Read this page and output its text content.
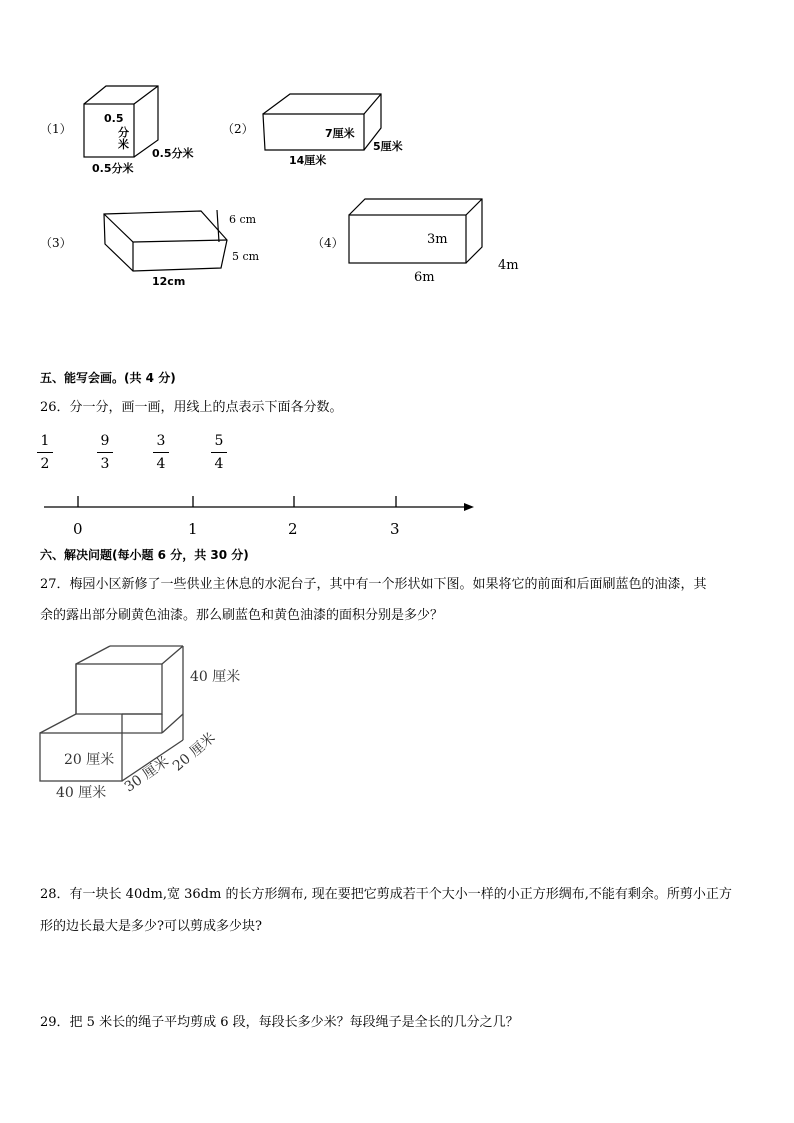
（1）	（2）
（3）	（4）
0.5
分
米
0.5分米
0.5分米
7厘米
5厘米
14厘米
6 cm
5 cm
12cm
3m
6m
4m
五、能写会画。(共 4 分)
26．分一分，画一画，用线上的点表示下面各分数。
1
2
9
3
3
4
5
4
0	1	2	3
六、解决问题(每小题 6 分，共 30 分)
27．梅园小区新修了一些供业主休息的水泥台子，其中有一个形状如下图。如果将它的前面和后面刷蓝色的油漆，其
余的露出部分刷黄色油漆。那么刷蓝色和黄色油漆的面积分别是多少？
40 厘米
20 厘米
40 厘米 30 厘米
20 厘米
28．有一块长 40dm,宽 36dm 的长方形绸布, 现在要把它剪成若干个大小一样的小正方形绸布,不能有剩余。所剪小正方
形的边长最大是多少?可以剪成多少块?
29．把 5 米长的绳子平均剪成 6 段，每段长多少米？每段绳子是全长的几分之几？
